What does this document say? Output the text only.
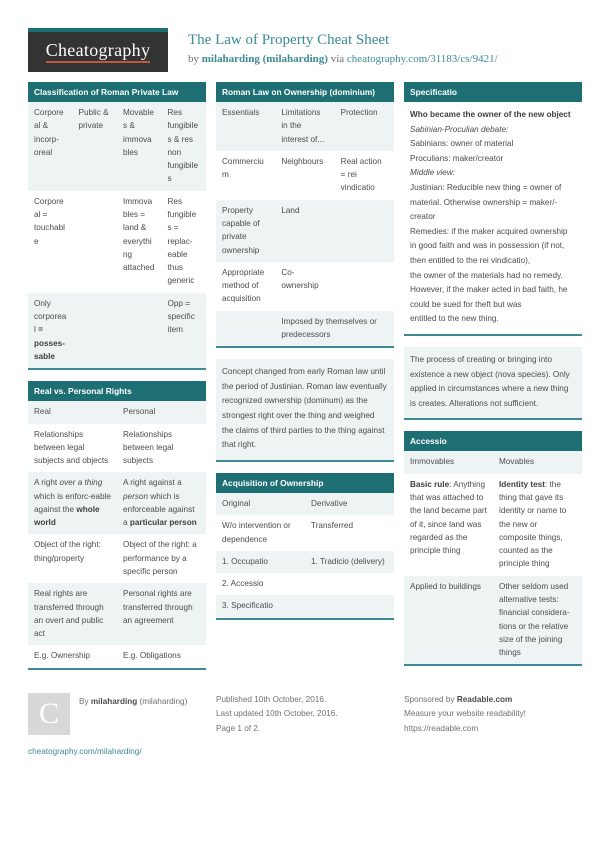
Cheatography	The Law of Property Cheat Sheet
by milaharding (milaharding) via cheatography.com/31183/cs/9421/
Classification of Roman Private Law
Corporeal & incorp-oreal	Public & private	Movables & immovables	Res fungibiles & res non fungibiles
Corporeal = touchable		Immovables = land & everything attached	Res fungibles = replac-eable thus generic
Only corporeal = posses-sable			Opp = specific item
Real vs. Personal Rights
Real	Personal
Relationships between legal subjects and objects	Relationships between legal subjects
A right over a thing which is enforc-eable against the whole world	A right against a person which is enforceable against a particular person
Object of the right: thing/property	Object of the right: a performance by a specific person
Real rights are transferred through an overt and public act	Personal rights are transferred through an agreement
E.g. Ownership	E.g. Obligations
Roman Law on Ownership (dominium)
Essentials	Limitations in the interest of...	Protection
Commercium	Neighbours	Real action = rei vindicatio
Property capable of private ownership	Land	
Appropriate method of acquisition	Co-ownership	
	Imposed by themselves or predecessors	
Concept changed from early Roman law until the period of Justinian. Roman law eventually recognized ownership (dominum) as the strongest right over the thing and weighed the claims of third parties to the thing against that right.
Acquisition of Ownership
Original	Derivative
W/o intervention or dependence	Transferred
1. Occupatio	1. Tradicio (delivery)
2. Accessio	
3. Specificatio	
Specificatio
Who became the owner of the new object
Sabinian-Proculian debate:
Sabinians: owner of material
Proculians: maker/creator
Middle view:
Justinian: Reducible new thing = owner of material. Otherwise ownership = maker/-creator
Remedies: if the maker acquired ownership in good faith and was in possession (if not, then entitled to the rei vindicatio),
the owner of the materials had no remedy. However, if the maker acted in bad faith, he could be sued for theft but was
entitled to the new thing.
The process of creating or bringing into existence a new object (nova species). Only applied in circumstances where a new thing is creates. Alterations not sufficient.
Accessio
Immovables	Movables
Basic rule: Anything that was attached to the land became part of it, since land was regarded as the principle thing	Identity test: the thing that gave its identity or name to the new or composite things, counted as the principle thing
Applied to buildings	Other seldom used alternative tests: financial considera-tions or the relative size of the joining things
C	By milaharding (milaharding)
cheatography.com/milaharding/
Published 10th October, 2016.
Last updated 10th October, 2016.
Page 1 of 2.
Sponsored by Readable.com
Measure your website readability!
https://readable.com
